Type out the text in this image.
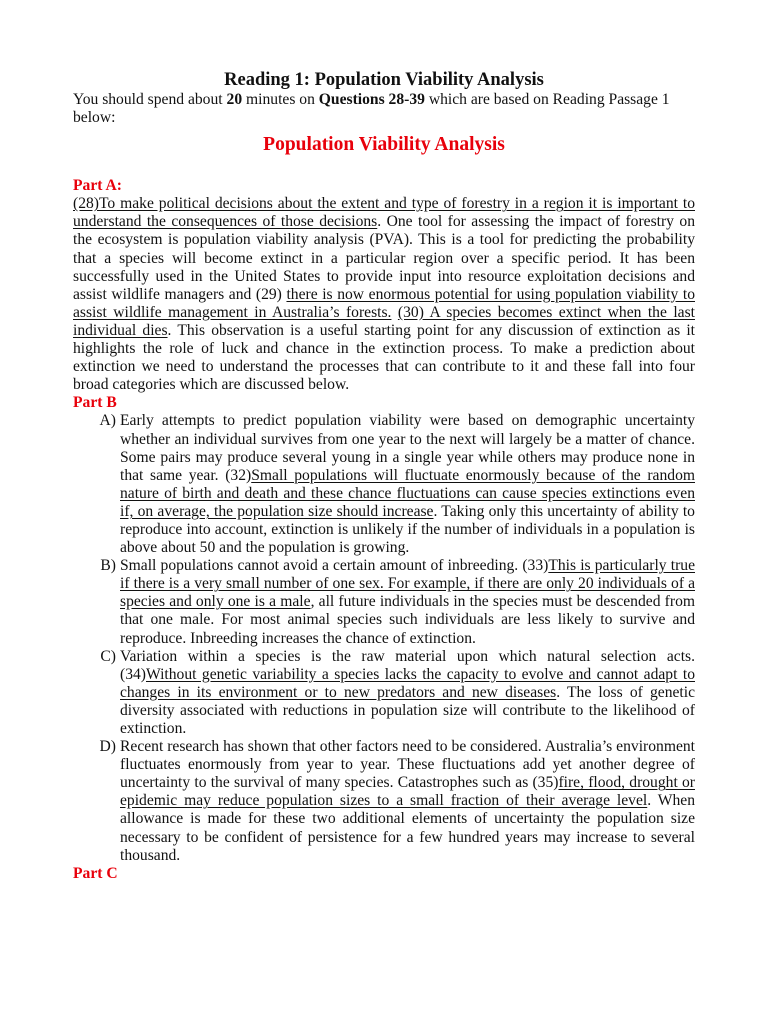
Reading 1: Population Viability Analysis

You should spend about 20 minutes on Questions 28-39 which are based on Reading Passage 1 below:

Population Viability Analysis

Part A:

(28)To make political decisions about the extent and type of forestry in a region it is important to understand the consequences of those decisions. One tool for assessing the impact of forestry on the ecosystem is population viability analysis (PVA). This is a tool for predicting the probability that a species will become extinct in a particular region over a specific period. It has been successfully used in the United States to provide input into resource exploitation decisions and assist wildlife managers and (29) there is now enormous potential for using population viability to assist wildlife management in Australia’s forests. (30) A species becomes extinct when the last individual dies. This observation is a useful starting point for any discussion of extinction as it highlights the role of luck and chance in the extinction process. To make a prediction about extinction we need to understand the processes that can contribute to it and these fall into four broad categories which are discussed below.

Part B

A) Early attempts to predict population viability were based on demographic uncertainty whether an individual survives from one year to the next will largely be a matter of chance. Some pairs may produce several young in a single year while others may produce none in that same year. (32)Small populations will fluctuate enormously because of the random nature of birth and death and these chance fluctuations can cause species extinctions even if, on average, the population size should increase. Taking only this uncertainty of ability to reproduce into account, extinction is unlikely if the number of individuals in a population is above about 50 and the population is growing.
B) Small populations cannot avoid a certain amount of inbreeding. (33)This is particularly true if there is a very small number of one sex. For example, if there are only 20 individuals of a species and only one is a male, all future individuals in the species must be descended from that one male. For most animal species such individuals are less likely to survive and reproduce. Inbreeding increases the chance of extinction.
C) Variation within a species is the raw material upon which natural selection acts. (34)Without genetic variability a species lacks the capacity to evolve and cannot adapt to changes in its environment or to new predators and new diseases. The loss of genetic diversity associated with reductions in population size will contribute to the likelihood of extinction.
D) Recent research has shown that other factors need to be considered. Australia’s environment fluctuates enormously from year to year. These fluctuations add yet another degree of uncertainty to the survival of many species. Catastrophes such as (35)fire, flood, drought or epidemic may reduce population sizes to a small fraction of their average level. When allowance is made for these two additional elements of uncertainty the population size necessary to be confident of persistence for a few hundred years may increase to several thousand.

Part C
